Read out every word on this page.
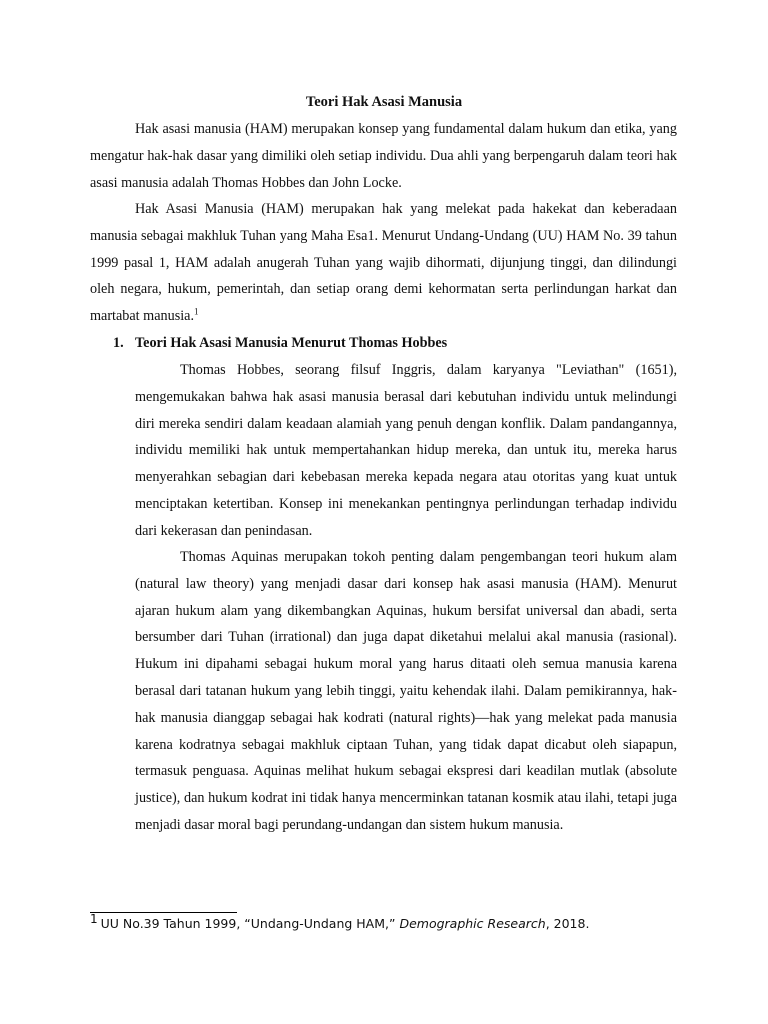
Teori Hak Asasi Manusia

Hak asasi manusia (HAM) merupakan konsep yang fundamental dalam hukum dan etika, yang mengatur hak-hak dasar yang dimiliki oleh setiap individu. Dua ahli yang berpengaruh dalam teori hak asasi manusia adalah Thomas Hobbes dan John Locke.

Hak Asasi Manusia (HAM) merupakan hak yang melekat pada hakekat dan keberadaan manusia sebagai makhluk Tuhan yang Maha Esa1. Menurut Undang-Undang (UU) HAM No. 39 tahun 1999 pasal 1, HAM adalah anugerah Tuhan yang wajib dihormati, dijunjung tinggi, dan dilindungi oleh negara, hukum, pemerintah, dan setiap orang demi kehormatan serta perlindungan harkat dan martabat manusia.$^1$

1. Teori Hak Asasi Manusia Menurut Thomas Hobbes

Thomas Hobbes, seorang filsuf Inggris, dalam karyanya "Leviathan" (1651), mengemukakan bahwa hak asasi manusia berasal dari kebutuhan individu untuk melindungi diri mereka sendiri dalam keadaan alamiah yang penuh dengan konflik. Dalam pandangannya, individu memiliki hak untuk mempertahankan hidup mereka, dan untuk itu, mereka harus menyerahkan sebagian dari kebebasan mereka kepada negara atau otoritas yang kuat untuk menciptakan ketertiban. Konsep ini menekankan pentingnya perlindungan terhadap individu dari kekerasan dan penindasan.

Thomas Aquinas merupakan tokoh penting dalam pengembangan teori hukum alam (natural law theory) yang menjadi dasar dari konsep hak asasi manusia (HAM). Menurut ajaran hukum alam yang dikembangkan Aquinas, hukum bersifat universal dan abadi, serta bersumber dari Tuhan (irrational) dan juga dapat diketahui melalui akal manusia (rasional). Hukum ini dipahami sebagai hukum moral yang harus ditaati oleh semua manusia karena berasal dari tatanan hukum yang lebih tinggi, yaitu kehendak ilahi. Dalam pemikirannya, hak-hak manusia dianggap sebagai hak kodrati (natural rights)—hak yang melekat pada manusia karena kodratnya sebagai makhluk ciptaan Tuhan, yang tidak dapat dicabut oleh siapapun, termasuk penguasa. Aquinas melihat hukum sebagai ekspresi dari keadilan mutlak (absolute justice), dan hukum kodrat ini tidak hanya mencerminkan tatanan kosmik atau ilahi, tetapi juga menjadi dasar moral bagi perundang-undangan dan sistem hukum manusia.

$^1$ UU No.39 Tahun 1999, “Undang-Undang HAM,” Demographic Research, 2018.
